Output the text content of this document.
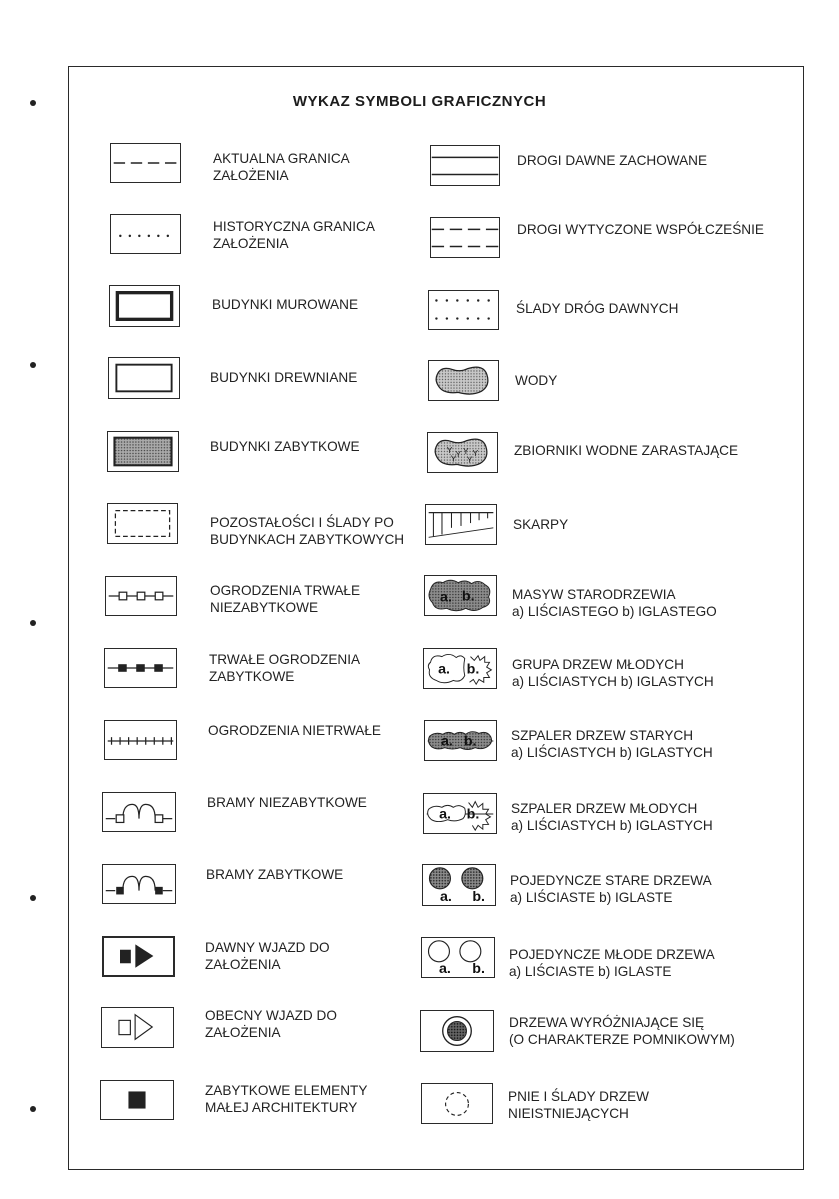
WYKAZ SYMBOLI GRAFICZNYCH
AKTUALNA GRANICA
ZAŁOŻENIA
HISTORYCZNA GRANICA
ZAŁOŻENIA
BUDYNKI MUROWANE
BUDYNKI DREWNIANE
BUDYNKI ZABYTKOWE
POZOSTAŁOŚCI I ŚLADY PO
BUDYNKACH ZABYTKOWYCH
OGRODZENIA TRWAŁE
NIEZABYTKOWE
TRWAŁE OGRODZENIA
ZABYTKOWE
OGRODZENIA NIETRWAŁE
BRAMY NIEZABYTKOWE
BRAMY ZABYTKOWE
DAWNY WJAZD DO
ZAŁOŻENIA
OBECNY WJAZD DO
ZAŁOŻENIA
ZABYTKOWE ELEMENTY
MAŁEJ ARCHITEKTURY
DROGI DAWNE ZACHOWANE
DROGI WYTYCZONE WSPÓŁCZEŚNIE
ŚLADY DRÓG DAWNYCH
WODY
Y Y Y Y
Y Y
ZBIORNIKI WODNE ZARASTAJĄCE
SKARPY
a. b.	MASYW STARODRZEWIA
a) LIŚCIASTEGO b) IGLASTEGO
a. b. GRUPA DRZEW MŁODYCH
a) LIŚCIASTYCH b) IGLASTYCH
a. b.	SZPALER DRZEW STARYCH
a) LIŚCIASTYCH b) IGLASTYCH
a. b. SZPALER DRZEW MŁODYCH
a) LIŚCIASTYCH b) IGLASTYCH
a. b.
POJEDYNCZE STARE DRZEWA
a) LIŚCIASTE b) IGLASTE
a. b.
POJEDYNCZE MŁODE DRZEWA
a) LIŚCIASTE b) IGLASTE
DRZEWA WYRÓŻNIAJĄCE SIĘ
(O CHARAKTERZE POMNIKOWYM)
PNIE I ŚLADY DRZEW
NIEISTNIEJĄCYCH
